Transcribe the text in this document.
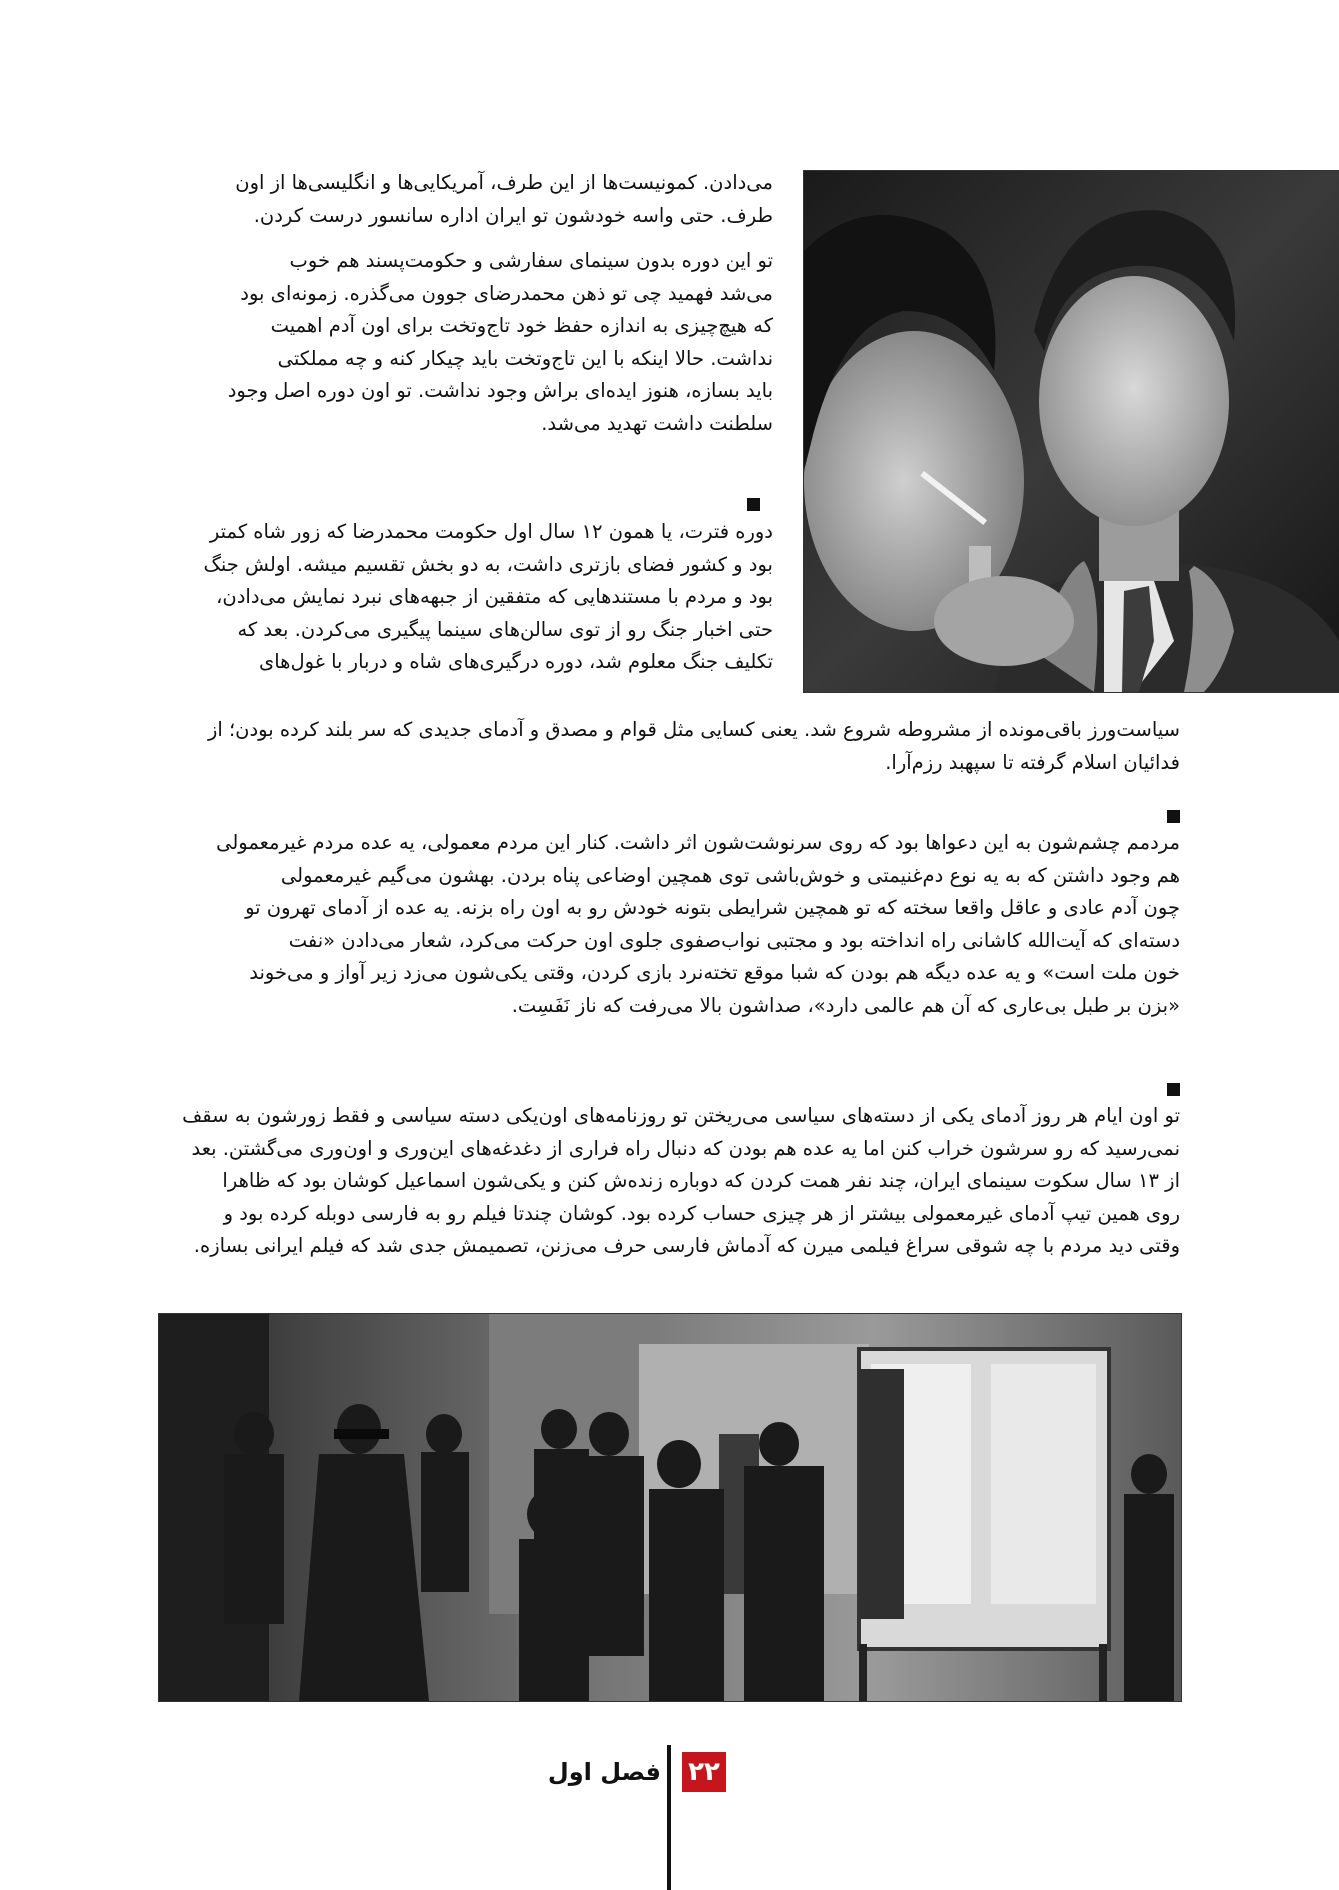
می‌دادن. کمونیست‌ها از این طرف، آمریکایی‌ها و انگلیسی‌ها از اون

طرف. حتی واسه خودشون تو ایران اداره سانسور درست کردن.

تو این دوره بدون سینمای سفارشی و حکومت‌پسند هم خوب

می‌شد فهمید چی تو ذهن محمدرضای جوون می‌گذره. زمونه‌ای بود

که هیچ‌چیزی به اندازه حفظ خود تاج‌وتخت برای اون آدم اهمیت

نداشت. حالا اینکه با این تاج‌وتخت باید چیکار کنه و چه مملکتی

باید بسازه، هنوز ایده‌ای براش وجود نداشت. تو اون دوره اصل وجود

سلطنت داشت تهدید می‌شد.

دوره فترت، یا همون ۱۲ سال اول حکومت محمدرضا که زور شاه کمتر

بود و کشور فضای بازتری داشت، به دو بخش تقسیم میشه. اولش جنگ

بود و مردم با مستندهایی که متفقین از جبهه‌های نبرد نمایش می‌دادن،

حتی اخبار جنگ رو از توی سالن‌های سینما پیگیری می‌کردن. بعد که

تکلیف جنگ معلوم شد، دوره درگیری‌های شاه و دربار با غول‌های

سیاست‌ورز باقی‌مونده از مشروطه شروع شد. یعنی کسایی مثل قوام و مصدق و آدمای جدیدی که سر بلند کرده بودن؛ از

فدائیان اسلام گرفته تا سپهبد رزم‌آرا.

مردمم چشم‌شون به این دعواها بود که روی سرنوشت‌شون اثر داشت. کنار این مردم معمولی، یه عده مردم غیرمعمولی

هم وجود داشتن که به یه نوع دم‌غنیمتی و خوش‌باشی توی همچین اوضاعی پناه بردن. بهشون می‌گیم غیرمعمولی

چون آدم عادی و عاقل واقعا سخته که تو همچین شرایطی بتونه خودش رو به اون راه بزنه. یه عده از آدمای تهرون تو

دسته‌ای که آیت‌الله کاشانی راه انداخته بود و مجتبی نواب‌صفوی جلوی اون حرکت می‌کرد، شعار می‌دادن «نفت

خون ملت است» و یه عده دیگه هم بودن که شبا موقع تخته‌نرد بازی کردن، وقتی یکی‌شون می‌زد زیر آواز و می‌خوند

«بزن بر طبل بی‌عاری که آن هم عالمی دارد»، صداشون بالا می‌رفت که ناز نَفَسِت.

تو اون ایام هر روز آدمای یکی از دسته‌های سیاسی می‌ریختن تو روزنامه‌های اون‌یکی دسته سیاسی و فقط زورشون به سقف

نمی‌رسید که رو سرشون خراب کنن اما یه عده هم بودن که دنبال راه فراری از دغدغه‌های این‌وری و اون‌وری می‌گشتن. بعد

از ۱۳ سال سکوت سینمای ایران، چند نفر همت کردن که دوباره زنده‌ش کنن و یکی‌شون اسماعیل کوشان بود که ظاهرا

روی همین تیپ آدمای غیرمعمولی بیشتر از هر چیزی حساب کرده بود. کوشان چندتا فیلم رو به فارسی دوبله کرده بود و

وقتی دید مردم با چه شوقی سراغ فیلمی میرن که آدماش فارسی حرف می‌زنن، تصمیمش جدی شد که فیلم ایرانی بسازه.

۲۲
فصل اول
